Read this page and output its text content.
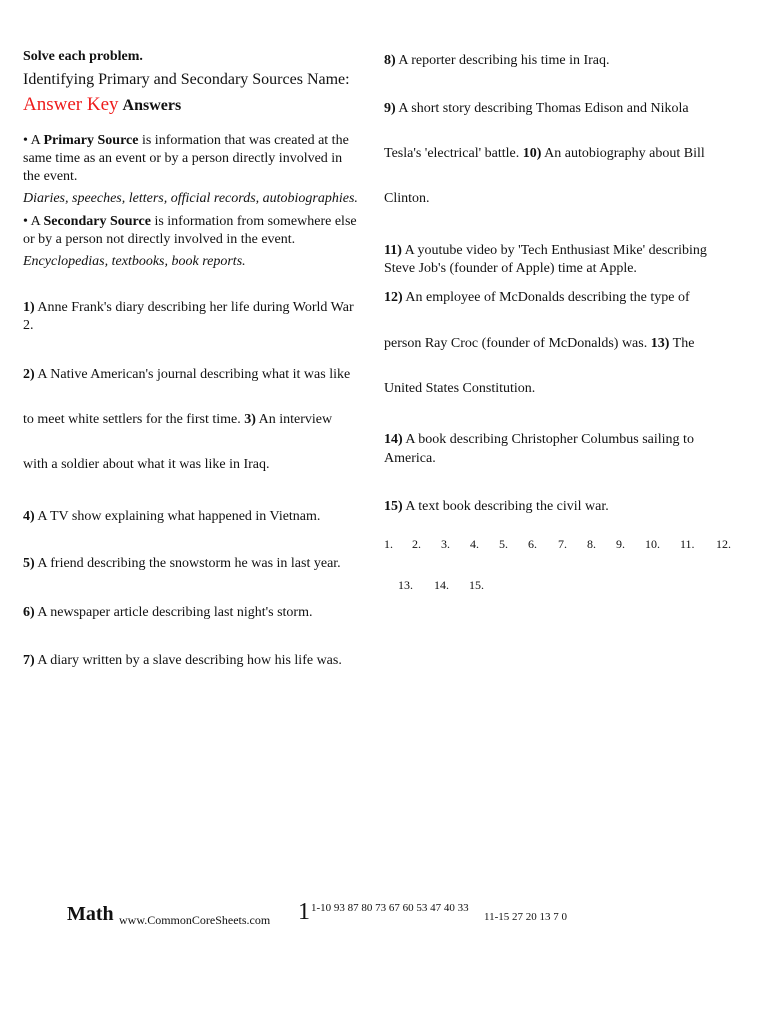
Solve each problem.
Identifying Primary and Secondary Sources Name:
Answer Key Answers
• A Primary Source is information that was created at the
same time as an event or by a person directly involved in
the event.
Diaries, speeches, letters, official records, autobiographies.
• A Secondary Source is information from somewhere else
or by a person not directly involved in the event.
Encyclopedias, textbooks, book reports.
1) Anne Frank's diary describing her life during World War
2.
2) A Native American's journal describing what it was like
to meet white settlers for the first time. 3) An interview
with a soldier about what it was like in Iraq.
4) A TV show explaining what happened in Vietnam.
5) A friend describing the snowstorm he was in last year.
6) A newspaper article describing last night's storm.
7) A diary written by a slave describing how his life was.
8) A reporter describing his time in Iraq.
9) A short story describing Thomas Edison and Nikola
Tesla's 'electrical' battle. 10) An autobiography about Bill
Clinton.
11) A youtube video by 'Tech Enthusiast Mike' describing
Steve Job's (founder of Apple) time at Apple.
12) An employee of McDonalds describing the type of
person Ray Croc (founder of McDonalds) was. 13) The
United States Constitution.
14) A book describing Christopher Columbus sailing to
America.
15) A text book describing the civil war.
1. 2. 3. 4. 5. 6. 7. 8. 9. 10. 11. 12.
13. 14. 15.
Math www.CommonCoreSheets.com 1 1-10 93 87 80 73 67 60 53 47 40 33
11-15 27 20 13 7 0
